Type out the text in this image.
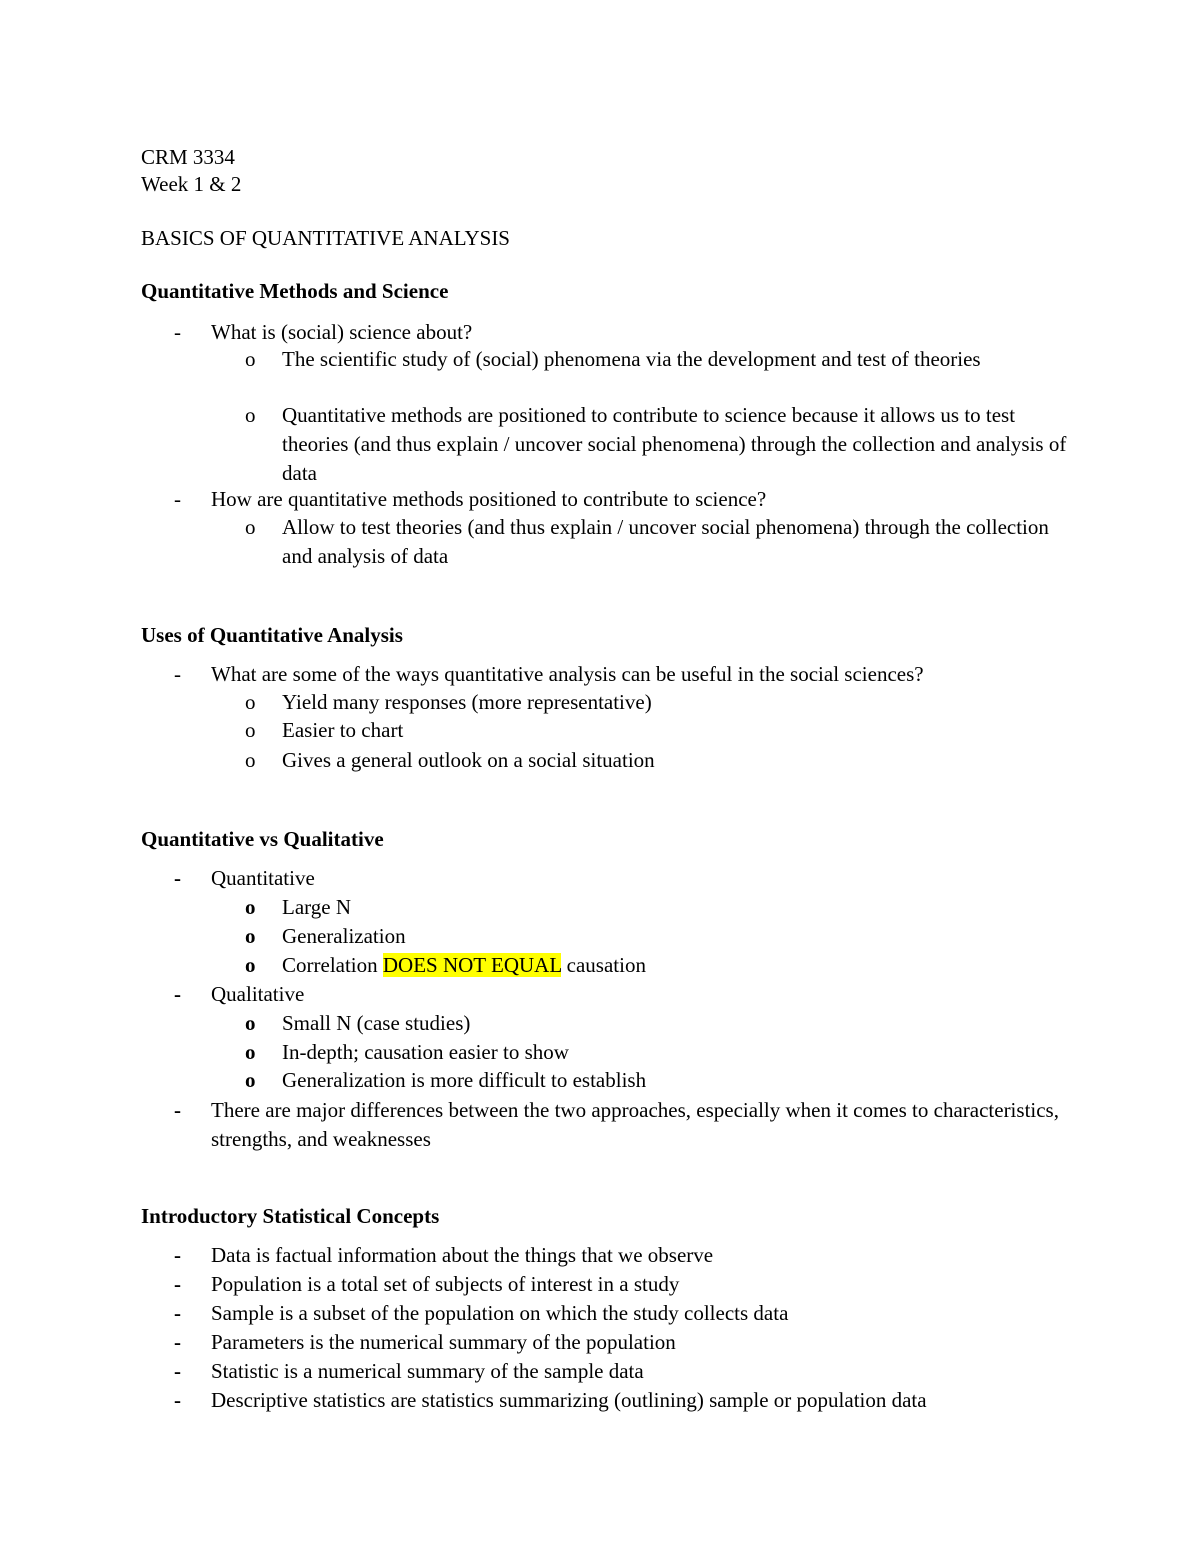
CRM 3334
Week 1 & 2
BASICS OF QUANTITATIVE ANALYSIS
Quantitative Methods and Science
- What is (social) science about?
o The scientific study of (social) phenomena via the development and test of theories
o Quantitative methods are positioned to contribute to science because it allows us to test theories (and thus explain / uncover social phenomena) through the collection and analysis of data
- How are quantitative methods positioned to contribute to science?
o Allow to test theories (and thus explain / uncover social phenomena) through the collection and analysis of data
Uses of Quantitative Analysis
- What are some of the ways quantitative analysis can be useful in the social sciences?
o Yield many responses (more representative)
o Easier to chart
o Gives a general outlook on a social situation
Quantitative vs Qualitative
- Quantitative
o Large N
o Generalization
o Correlation DOES NOT EQUAL causation
- Qualitative
o Small N (case studies)
o In-depth; causation easier to show
o Generalization is more difficult to establish
- There are major differences between the two approaches, especially when it comes to characteristics, strengths, and weaknesses
Introductory Statistical Concepts
- Data is factual information about the things that we observe
- Population is a total set of subjects of interest in a study
- Sample is a subset of the population on which the study collects data
- Parameters is the numerical summary of the population
- Statistic is a numerical summary of the sample data
- Descriptive statistics are statistics summarizing (outlining) sample or population data
